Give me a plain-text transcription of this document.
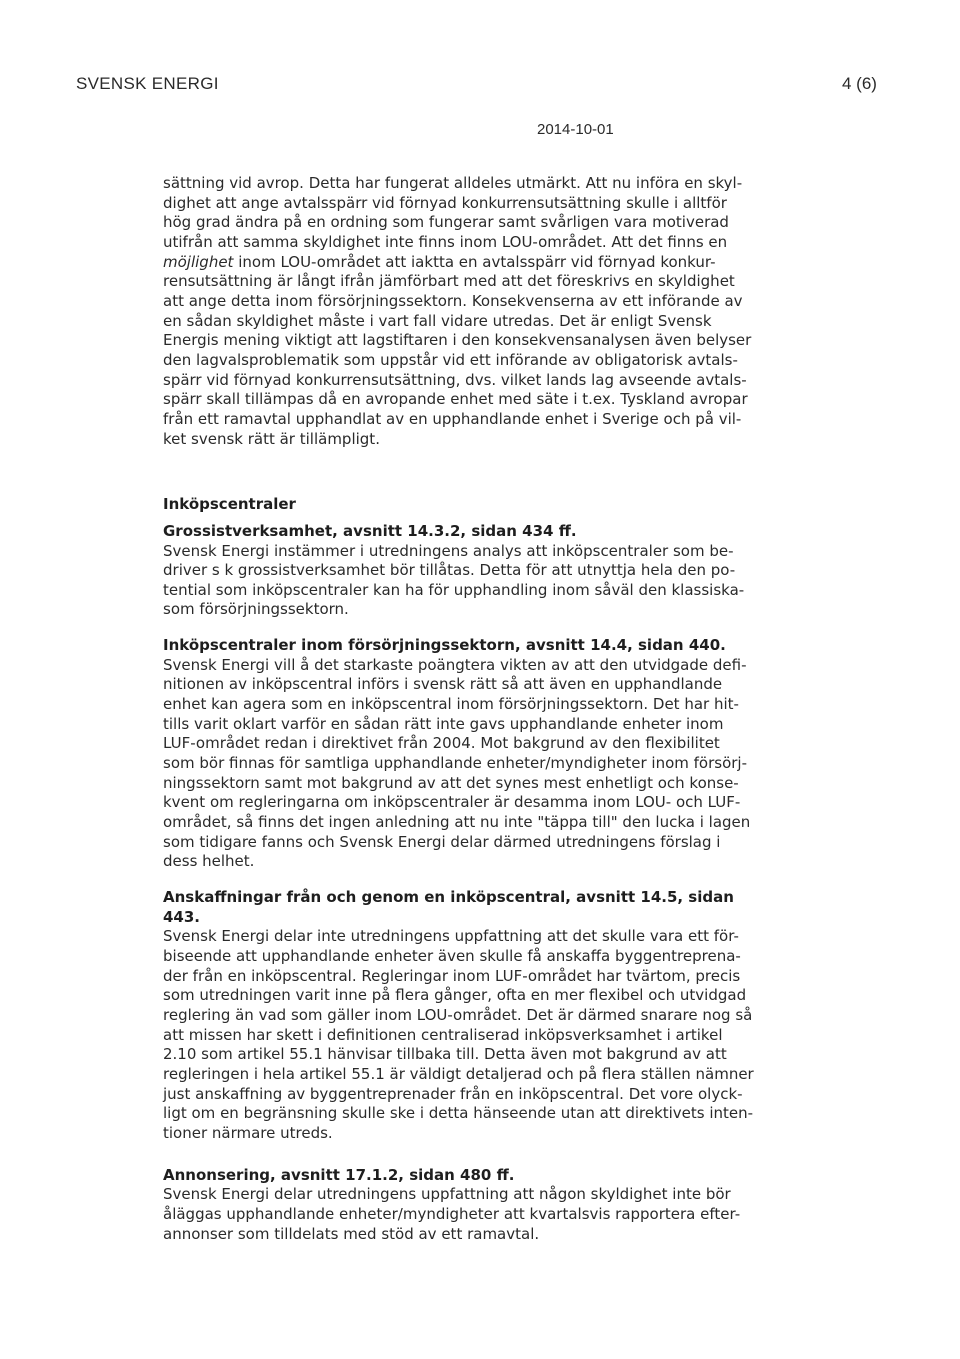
SVENSK ENERGI	4 (6)
2014-10-01

sättning vid avrop. Detta har fungerat alldeles utmärkt. Att nu införa en skyl-
dighet att ange avtalsspärr vid förnyad konkurrensutsättning skulle i alltför
hög grad ändra på en ordning som fungerar samt svårligen vara motiverad
utifrån att samma skyldighet inte finns inom LOU-området. Att det finns en
möjlighet inom LOU-området att iaktta en avtalsspärr vid förnyad konkur-
rensutsättning är långt ifrån jämförbart med att det föreskrivs en skyldighet
att ange detta inom försörjningssektorn. Konsekvenserna av ett införande av
en sådan skyldighet måste i vart fall vidare utredas. Det är enligt Svensk
Energis mening viktigt att lagstiftaren i den konsekvensanalysen även belyser
den lagvalsproblematik som uppstår vid ett införande av obligatorisk avtals-
spärr vid förnyad konkurrensutsättning, dvs. vilket lands lag avseende avtals-
spärr skall tillämpas då en avropande enhet med säte i t.ex. Tyskland avropar
från ett ramavtal upphandlat av en upphandlande enhet i Sverige och på vil-
ket svensk rätt är tillämpligt.

Inköpscentraler
Grossistverksamhet, avsnitt 14.3.2, sidan 434 ff.

Svensk Energi instämmer i utredningens analys att inköpscentraler som be-
driver s k grossistverksamhet bör tillåtas. Detta för att utnyttja hela den po-
tential som inköpscentraler kan ha för upphandling inom såväl den klassiska-
som försörjningssektorn.

Inköpscentraler inom försörjningssektorn, avsnitt 14.4, sidan 440.

Svensk Energi vill å det starkaste poängtera vikten av att den utvidgade defi-
nitionen av inköpscentral införs i svensk rätt så att även en upphandlande
enhet kan agera som en inköpscentral inom försörjningssektorn. Det har hit-
tills varit oklart varför en sådan rätt inte gavs upphandlande enheter inom
LUF-området redan i direktivet från 2004. Mot bakgrund av den flexibilitet
som bör finnas för samtliga upphandlande enheter/myndigheter inom försörj-
ningssektorn samt mot bakgrund av att det synes mest enhetligt och konse-
kvent om regleringarna om inköpscentraler är desamma inom LOU- och LUF-
området, så finns det ingen anledning att nu inte "täppa till" den lucka i lagen
som tidigare fanns och Svensk Energi delar därmed utredningens förslag i
dess helhet.

Anskaffningar från och genom en inköpscentral, avsnitt 14.5, sidan 443.

Svensk Energi delar inte utredningens uppfattning att det skulle vara ett för-
biseende att upphandlande enheter även skulle få anskaffa byggentreprena-
der från en inköpscentral. Regleringar inom LUF-området har tvärtom, precis
som utredningen varit inne på flera gånger, ofta en mer flexibel och utvidgad
reglering än vad som gäller inom LOU-området. Det är därmed snarare nog så
att missen har skett i definitionen centraliserad inköpsverksamhet i artikel
2.10 som artikel 55.1 hänvisar tillbaka till. Detta även mot bakgrund av att
regleringen i hela artikel 55.1 är väldigt detaljerad och på flera ställen nämner
just anskaffning av byggentreprenader från en inköpscentral. Det vore olyck-
ligt om en begränsning skulle ske i detta hänseende utan att direktivets inten-
tioner närmare utreds.

Annonsering, avsnitt 17.1.2, sidan 480 ff.

Svensk Energi delar utredningens uppfattning att någon skyldighet inte bör
åläggas upphandlande enheter/myndigheter att kvartalsvis rapportera efter-
annonser som tilldelats med stöd av ett ramavtal.
